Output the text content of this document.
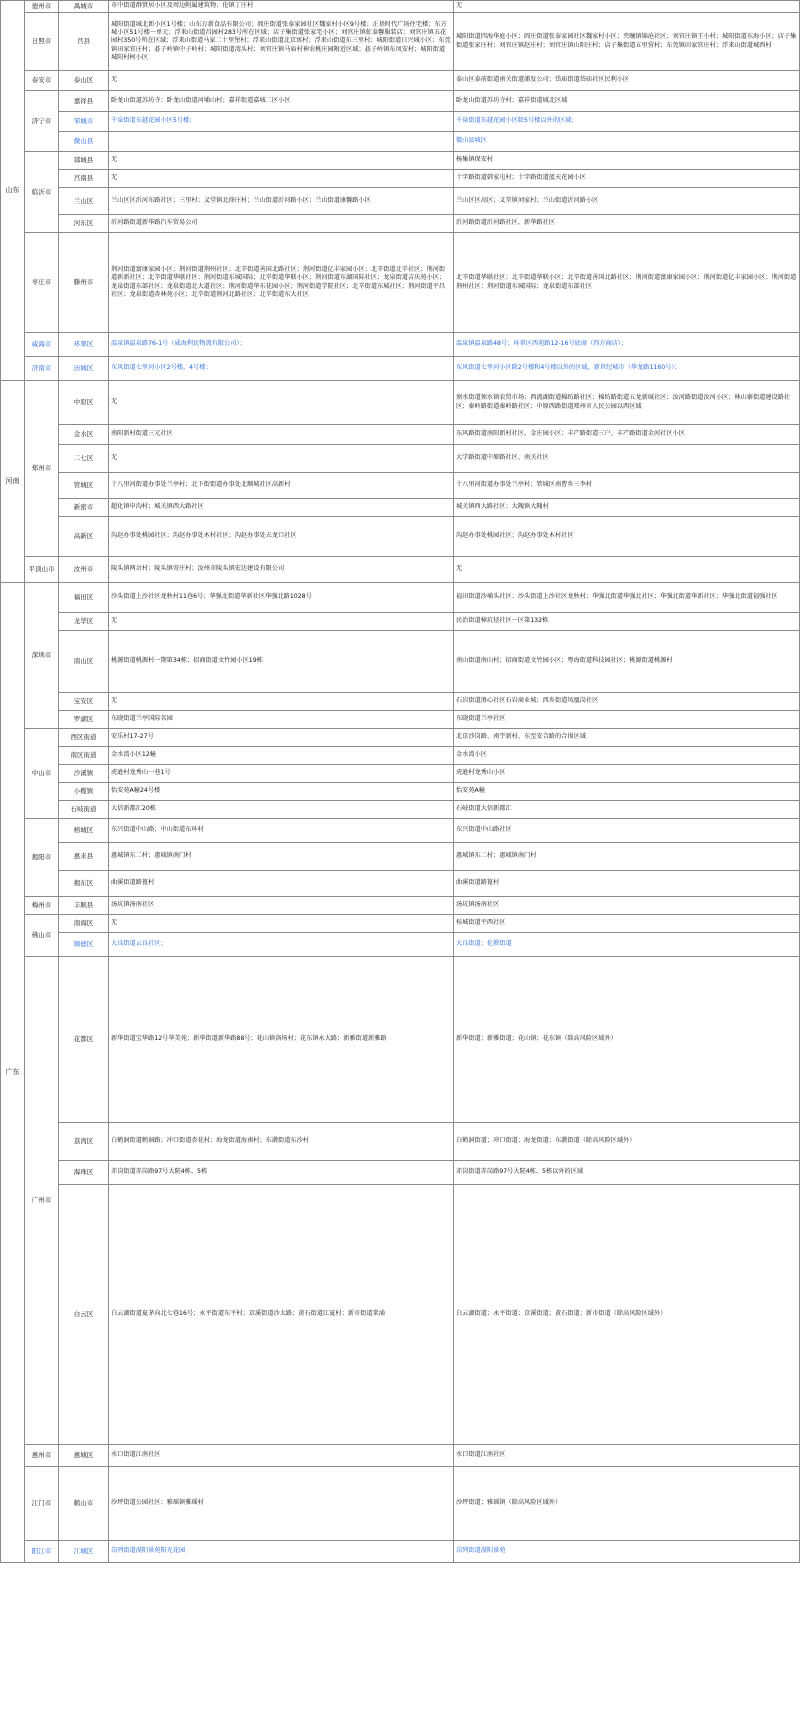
山东	德州市	禹城市	市中街道群贤居小区及周边附属建筑物；伦镇丁庄村	无
	日照市	莒县	城阳街道城北新小区1号楼；山东万新食品有限公司；阎庄街道张泰家园社区魏家村小区9号楼；正基时代广场住宅楼；东方城小区51号楼一单元；浮来山街道昌园村283号所在区域；店子集街道张家宅小区；刘官庄镇虹泰馨服装店；刘官庄镇五花园村350号所在区域；浮来山街道马家二十里堡村；浮来山街道北京寓村；浮来山街道东三里村；城阳街道日兴城小区；东莞镇田家官庄村；碁子岭镇中子岭村；城阳街道湾头村；刘官庄镇马庙村神农桃庄园附近区域；碁子岭镇东凤安村；城阳街道城阳村柯小区	城阳街道四海华庭小区；阎庄街道张泰家园社区魏家村小区；夹疃镇锦沧社区；刘官庄镇王小村；城阳街道东海小区；店子集街道张家庄村；刘官庄镇赵庄村；刘官庄镇山阳庄村；店子集街道五里营村；东莞镇田家官庄村；浮来山街道城西村
	泰安市	泰山区	无	泰山区泰前街道南关街道浦发公司；岱庙街道岱庙社区民利小区
	济宁市	嘉祥县	卧龙山街道苏坊寺；卧龙山街道河埔山村；嘉祥街道嘉城二区小区	卧龙山街道苏坊寺村；嘉祥街道城北区域
		邹城市	千泉街道东越花园小区5号楼；	千泉街道东越花园小区除5号楼以外的区域；
		微山县		微山县城区
	临沂市	郯城县	无	杨集镇保安村
		莒南县	无	十字路街道韩家屯村；十字路街道蓝天花园小区
		兰山区	兰山区区沂河东路社区；三里村；义堂镇北徐庄村；兰山街道沂河路小区；兰山街道康馨路小区	兰山区区高区；义堂镇刘家村；兰山街道沂河路小区
		河东区	沂河路街道新华路汽车贸易公司	沂河路街道沂河路社区、新华路社区
	枣庄市	滕州市	荆河街道富康家园小区；荆河街道荆州社区；北辛街道善国北路社区；荆河街道亿丰家园小区；北辛街道北辛社区；荆河街道新新社区；北辛街道华联社区；荆河街道东城国际；北辛街道华联小区；荆河街道东湖国际社区；龙泉街道吉庆苑小区；龙泉街道东部社区；龙泉街道北大道社区；荆河街道华东花园小区；荆河街道学院社区；北辛街道东城社区；荆河街道平昌社区；龙泉街道杏林苑小区；北辛街道荆河北路社区；北辛街道东大社区	北辛街道华联社区；北辛街道华联小区；北辛街道善国北路社区；荆河街道富康家园小区；荆河街道亿丰家园小区；荆河街道荆州社区；荆河街道东城国际；龙泉街道东部社区
	威海市	环翠区	温泉镇温泉路76-1号（威海利民物流有限公司）；	温泉镇温泉路48号；环翠区西苑路12-16号底商（四方商店）；
	济南市	历城区	东风街道七里河小区2号楼，4号楼；	东风街道七里河小区除2号楼和4号楼以外的区域、新世纪城市（华龙路1160号）；
河南	郑州市	中原区	无	须水街道须水镇农贸市场；西流湖街道棉纺路社区；棉纺路街道五龙新城社区；汝河路街道汝河小区；林山寨街道建设路社区；秦岭路街道秦岭路社区；中原西路街道郑州市人民公园以西区域
		金水区	南阳新村街道三元社区	东风路街道南阳新村社区、金庄园小区；丰产路街道三户、丰产路街道金河社区小区
		二七区	无	大学路街道中原路社区、南关社区
		管城区	十八里河街道办事处兰亭村；北下街街道办事处北顺城社区高新村	十八里河街道办事处兰亭村；管城区南曹乡三李村
		新密市	超化镇申沟村；城关镇西大路社区	城关镇西大路社区；大隗镇大隗村
		高新区	沟赵办事处桃园社区；沟赵办事处木村社区；沟赵办事处五龙口社区	沟赵办事处桃园社区；沟赵办事处木村社区
	平顶山市	汝州市	陵头镇两岔村；陵头镇寄庄村；汝州市陵头镇宏达建设有限公司	无
广东	深圳市	福田区	沙头街道上沙社区龙秋村11巷6号；华强北街道华新社区华强北路1028号	福田街道沙埔头社区；沙头街道上沙社区龙秋村；华强北街道华强北社区；华强北街道华新社区；华强北街道福强社区
		龙华区	无	民治街道樟坑径社区一区第132栋
		南山区	桃源街道桃源村一期第34栋；招商街道文竹园小区19栋	南山街道南山村；招商街道文竹园小区；粤海街道科技园社区；桃源街道桃源村
		宝安区	无	石岩街道浪心社区石岩商业城；西乡街道凤凰岗社区
		罗湖区	东晓街道兰亭国际名园	东晓街道兰亭社区
	中山市	西区街道	安乐村17-27号	北京沙岗路、南宇新村、东至安合路的合围区域
		南区街道	金水湾小区12幢	金水湾小区
		沙溪镇	虎逊村龙秀山一巷1号	虎逊村龙秀山小区
		小榄镇	怡安苑A幢24号楼	怡安苑A幢
		石岐街道	大信新都汇20栋	石岐街道大信新都汇
	揭阳市	榕城区	东兴街道中山路；中山街道东环村	东兴街道中山路社区
		惠来县	惠城镇东二村；惠城镇南门村	惠城镇东二村；惠城镇南门村
		揭东区	曲溪街道路篦村	曲溪街道路篦村
	梅州市	丰顺县	汤坑镇汤南社区	汤坑镇汤南社区
	佛山市	南海区	无	桂城街道平西社区
		顺德区	大良街道云良社区；	大良街道；伦教街道
	广州市	花都区	新华街道宝华路12号华美苑；新华街道新华路88号；花山镇洛场村；花东镇永大路；新雅街道新雅路	新华街道；新雅街道；花山镇；花东镇（除高风险区域外）
		荔湾区	白鹤洞街道鹤洞路；冲口街道杏花村；海龙街道海南村；东漖街道东沙村	白鹤洞街道；冲口街道；海龙街道；东漖街道（除高风险区域外）
		海珠区	赤岗街道赤岗路97号大院4栋、5栋	赤岗街道赤岗路97号大院4栋、5栋以外的区域
		白云区	白云湖街道夏茅向北七巷16号；永平街道东平村；京溪街道沙太路；黄石街道江夏村；新市街道棠涌	白云湖街道；永平街道；京溪街道；黄石街道；新市街道（除高风险区域外）
	惠州市	惠城区	水口街道江南社区	水口街道江南社区
	江门市	鹤山市	沙坪街道公园社区；雅瑶镇雅瑶村	沙坪街道；雅瑶镇（除高风险区域外）
	阳江市	江城区	岗列街道漠阳景苑阳光花园	岗列街道漠阳景苑
